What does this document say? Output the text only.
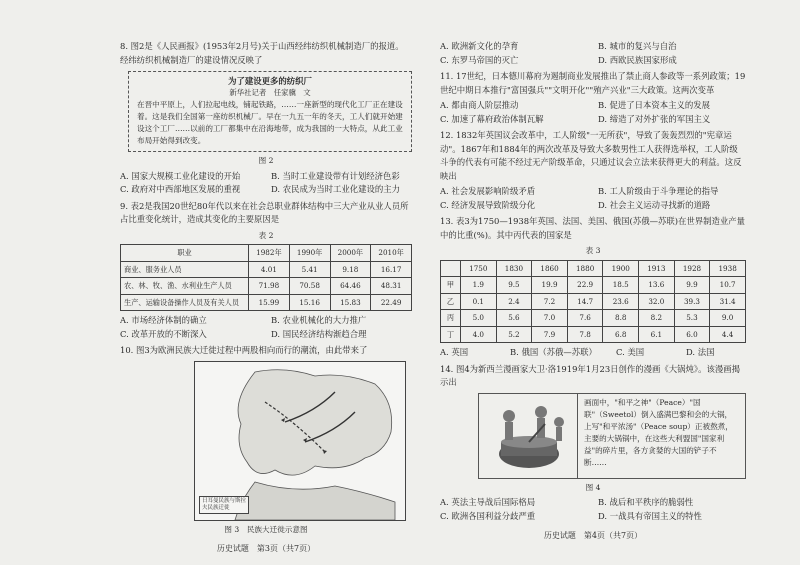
8. 图2是《人民画报》(1953年2月号)关于山西经纬纺织机械制造厂的报道。经纬纺织机械制造厂的建设情况反映了

为了建设更多的纺织厂
新华社记者　任家骥　文
在晋中平原上，人们拉起电线，铺起铁路，……一座新型的现代化工厂正在建设着。这是我们全国第一座纺织机械厂。早在一九五一年的冬天，工人们就开始建设这个工厂……以前的工厂都集中在沿海地带，成为我国的一大特点，从此工业布局开始得到改变。
图 2
A. 国家大规模工业化建设的开始	B. 当时工业建设带有计划经济色彩
C. 政府对中西部地区发展的重视	D. 农民成为当时工业化建设的主力

9. 表2是我国20世纪80年代以来在社会总职业群体结构中三大产业从业人员所占比重变化统计，造成其变化的主要原因是

表 2
职业	1982年	1990年	2000年	2010年
商业、服务业人员	4.01	5.41	9.18	16.17
农、林、牧、渔、水利业生产人员	71.98	70.58	64.46	48.31
生产、运输设备操作人员及有关人员	15.99	15.16	15.83	22.49
A. 市场经济体制的确立	B. 农业机械化的大力推广
C. 改革开放的不断深入	D. 国民经济结构渐趋合理

10. 图3为欧洲民族大迁徙过程中两股相向而行的潮流，由此带来了

日耳曼民族与斯拉夫民族迁徙
图 3　民族大迁徙示意图
历史试题　第3页（共7页）
A. 欧洲新文化的孕育	B. 城市的复兴与自治
C. 东罗马帝国的灭亡	D. 西欧民族国家形成

11. 17世纪，日本德川幕府为遏制商业发展推出了禁止商人参政等一系列政策；19世纪中期日本推行"富国强兵""文明开化""殖产兴业"三大政策。这两次变革

A. 都由商人阶层推动	B. 促进了日本资本主义的发展
C. 加速了幕府政治体制瓦解	D. 缔造了对外扩张的军国主义

12. 1832年英国议会改革中，工人阶级"一无所获"，导致了轰轰烈烈的"宪章运动"。1867年和1884年的两次改革及导致大多数男性工人获得选举权，工人阶级斗争的代表有可能不经过无产阶级革命，只通过议会立法来获得更大的利益。这反映出

A. 社会发展影响阶级矛盾	B. 工人阶级由于斗争理论的指导
C. 经济发展导致阶级分化	D. 社会主义运动寻找新的道路

13. 表3为1750—1938年英国、法国、美国、俄国(苏俄—苏联)在世界制造业产量中的比重(%)。其中丙代表的国家是

表 3
	1750	1830	1860	1880	1900	1913	1928	1938
甲	1.9	9.5	19.9	22.9	18.5	13.6	9.9	10.7
乙	0.1	2.4	7.2	14.7	23.6	32.0	39.3	31.4
丙	5.0	5.6	7.0	7.6	8.8	8.2	5.3	9.0
丁	4.0	5.2	7.9	7.8	6.8	6.1	6.0	4.4
A. 英国	B. 俄国（苏俄—苏联）	C. 美国	D. 法国

14. 图4为新西兰漫画家大卫·洛1919年1月23日创作的漫画《大锅炖》。该漫画揭示出

画面中，"和平之神"（Peace）"国联"（Sweetol）倒入盛满巴黎和会的大锅，上写"和平浓汤"（Peace soup）正被熬煮，主要的大锅锅中，在这些大利盟国"国家利益"的碎片里，各方贪婪的大国的铲子不断……
图 4
A. 英法主导战后国际格局	B. 战后和平秩序的脆弱性
C. 欧洲各国利益分歧严重	D. 一战具有帝国主义的特性
历史试题　第4页（共7页）
